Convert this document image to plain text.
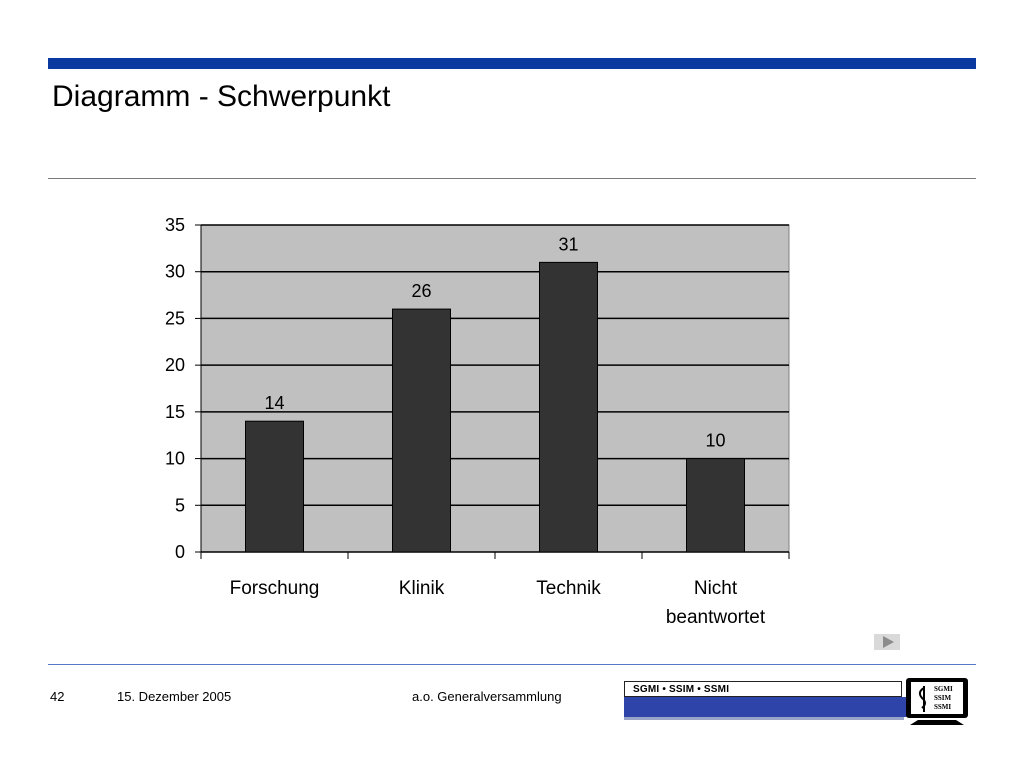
Diagramm - Schwerpunkt
0
5
10
15
20
25
30
35
14
Forschung
26
Klinik
31
Technik
10
Nicht
beantwortet
42	15. Dezember 2005	a.o. Generalversammlung	SGMI • SSIM • SSMI	SGMI
SSIM
SSMI
